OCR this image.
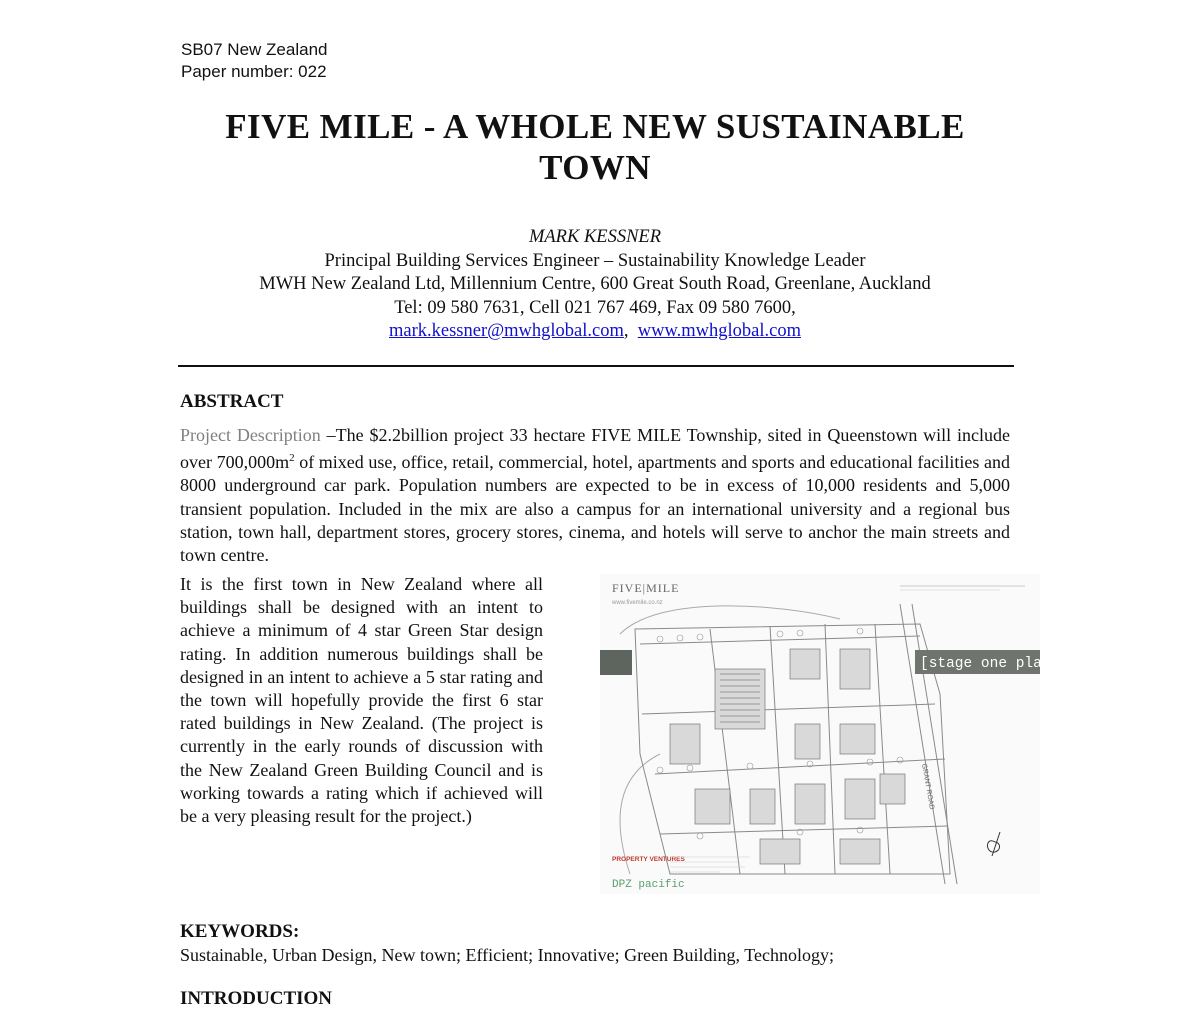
SB07 New Zealand
Paper number: 022
FIVE MILE - A WHOLE NEW SUSTAINABLE
TOWN
MARK KESSNER
Principal Building Services Engineer – Sustainability Knowledge Leader
MWH New Zealand Ltd, Millennium Centre, 600 Great South Road, Greenlane, Auckland
Tel: 09 580 7631, Cell 021 767 469, Fax 09 580 7600,
mark.kessner@mwhglobal.com, www.mwhglobal.com
ABSTRACT
Project Description –The $2.2billion project 33 hectare FIVE MILE Township, sited in Queenstown will include over $700,000m^2$ of mixed use, office, retail, commercial, hotel, apartments and sports and educational facilities and 8000 underground car park. Population numbers are expected to be in excess of 10,000 residents and 5,000 transient population. Included in the mix are also a campus for an international university and a regional bus station, town hall, department stores, grocery stores, cinema, and hotels will serve to anchor the main streets and town centre.
It is the first town in New Zealand where all buildings shall be designed with an intent to achieve a minimum of 4 star Green Star design rating. In addition numerous buildings shall be designed in an intent to achieve a 5 star rating and the town will hopefully provide the first 6 star rated buildings in New Zealand. (The project is currently in the early rounds of discussion with the New Zealand Green Building Council and is working towards a rating which if achieved will be a very pleasing result for the project.)
FIVE|MILE
www.fivemile.co.nz
[stage one plan]
GRANT ROAD
PROPERTY VENTURES
DPZ pacific
KEYWORDS:
Sustainable, Urban Design, New town; Efficient; Innovative; Green Building, Technology;
INTRODUCTION
